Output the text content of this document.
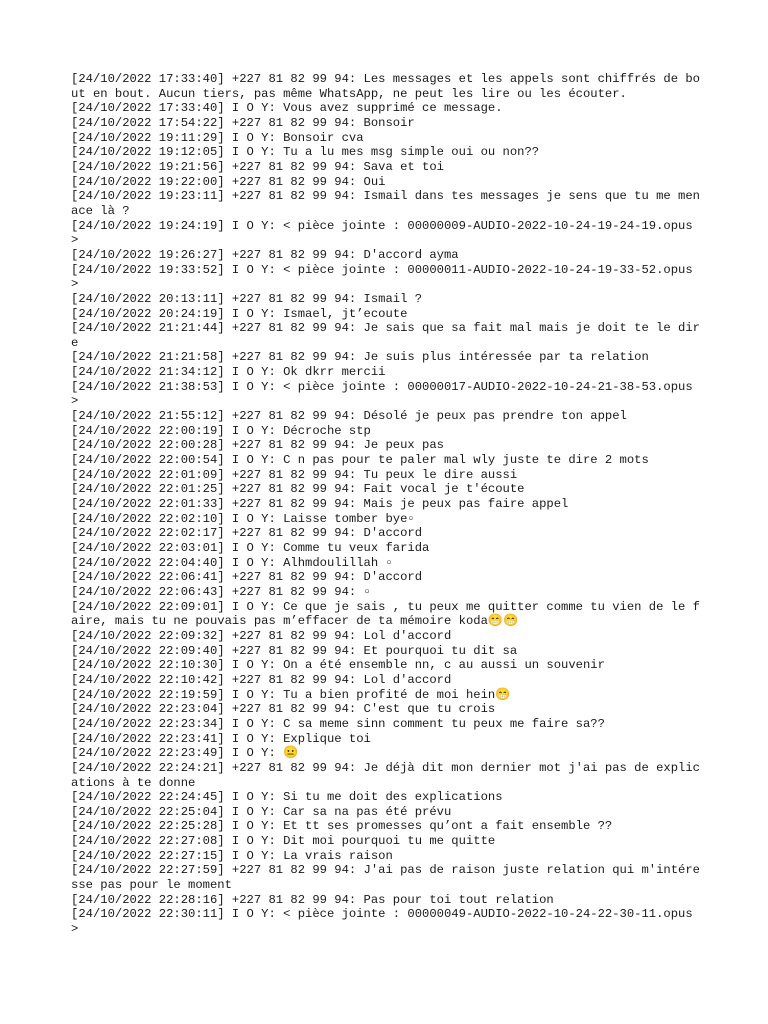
[24/10/2022 17:33:40] +227 81 82 99 94: Les messages et les appels sont chiffrés de bout en bout. Aucun tiers, pas même WhatsApp, ne peut les lire ou les écouter.
[24/10/2022 17:33:40] I O Y: Vous avez supprimé ce message.
[24/10/2022 17:54:22] +227 81 82 99 94: Bonsoir
[24/10/2022 19:11:29] I O Y: Bonsoir cva
[24/10/2022 19:12:05] I O Y: Tu a lu mes msg simple oui ou non??
[24/10/2022 19:21:56] +227 81 82 99 94: Sava et toi
[24/10/2022 19:22:00] +227 81 82 99 94: Oui
[24/10/2022 19:23:11] +227 81 82 99 94: Ismail dans tes messages je sens que tu me menace là ?
[24/10/2022 19:24:19] I O Y: < pièce jointe : 00000009-AUDIO-2022-10-24-19-24-19.opus >
[24/10/2022 19:26:27] +227 81 82 99 94: D'accord ayma
[24/10/2022 19:33:52] I O Y: < pièce jointe : 00000011-AUDIO-2022-10-24-19-33-52.opus >
[24/10/2022 20:13:11] +227 81 82 99 94: Ismail ?
[24/10/2022 20:24:19] I O Y: Ismael, jt’ecoute
[24/10/2022 21:21:44] +227 81 82 99 94: Je sais que sa fait mal mais je doit te le dire
[24/10/2022 21:21:58] +227 81 82 99 94: Je suis plus intéressée par ta relation
[24/10/2022 21:34:12] I O Y: Ok dkrr mercii
[24/10/2022 21:38:53] I O Y: < pièce jointe : 00000017-AUDIO-2022-10-24-21-38-53.opus >
[24/10/2022 21:55:12] +227 81 82 99 94: Désolé je peux pas prendre ton appel
[24/10/2022 22:00:19] I O Y: Décroche stp
[24/10/2022 22:00:28] +227 81 82 99 94: Je peux pas
[24/10/2022 22:00:54] I O Y: C n pas pour te paler mal wly juste te dire 2 mots
[24/10/2022 22:01:09] +227 81 82 99 94: Tu peux le dire aussi
[24/10/2022 22:01:25] +227 81 82 99 94: Fait vocal je t'écoute
[24/10/2022 22:01:33] +227 81 82 99 94: Mais je peux pas faire appel
[24/10/2022 22:02:10] I O Y: Laisse tomber bye▫
[24/10/2022 22:02:17] +227 81 82 99 94: D'accord
[24/10/2022 22:03:01] I O Y: Comme tu veux farida
[24/10/2022 22:04:40] I O Y: Alhmdoulillah ▫
[24/10/2022 22:06:41] +227 81 82 99 94: D'accord
[24/10/2022 22:06:43] +227 81 82 99 94: ▫
[24/10/2022 22:09:01] I O Y: Ce que je sais , tu peux me quitter comme tu vien de le faire, mais tu ne pouvais pas m’effacer de ta mémoire koda😁😁
[24/10/2022 22:09:32] +227 81 82 99 94: Lol d'accord
[24/10/2022 22:09:40] +227 81 82 99 94: Et pourquoi tu dit sa
[24/10/2022 22:10:30] I O Y: On a été ensemble nn, c au aussi un souvenir
[24/10/2022 22:10:42] +227 81 82 99 94: Lol d'accord
[24/10/2022 22:19:59] I O Y: Tu a bien profité de moi hein😁
[24/10/2022 22:23:04] +227 81 82 99 94: C'est que tu crois
[24/10/2022 22:23:34] I O Y: C sa meme sinn comment tu peux me faire sa??
[24/10/2022 22:23:41] I O Y: Explique toi
[24/10/2022 22:23:49] I O Y: 😐
[24/10/2022 22:24:21] +227 81 82 99 94: Je déjà dit mon dernier mot j'ai pas de explications à te donne
[24/10/2022 22:24:45] I O Y: Si tu me doit des explications
[24/10/2022 22:25:04] I O Y: Car sa na pas été prévu
[24/10/2022 22:25:28] I O Y: Et tt ses promesses qu’ont a fait ensemble ??
[24/10/2022 22:27:08] I O Y: Dit moi pourquoi tu me quitte
[24/10/2022 22:27:15] I O Y: La vrais raison
[24/10/2022 22:27:59] +227 81 82 99 94: J'ai pas de raison juste relation qui m'intéresse pas pour le moment
[24/10/2022 22:28:16] +227 81 82 99 94: Pas pour toi tout relation
[24/10/2022 22:30:11] I O Y: < pièce jointe : 00000049-AUDIO-2022-10-24-22-30-11.opus >
